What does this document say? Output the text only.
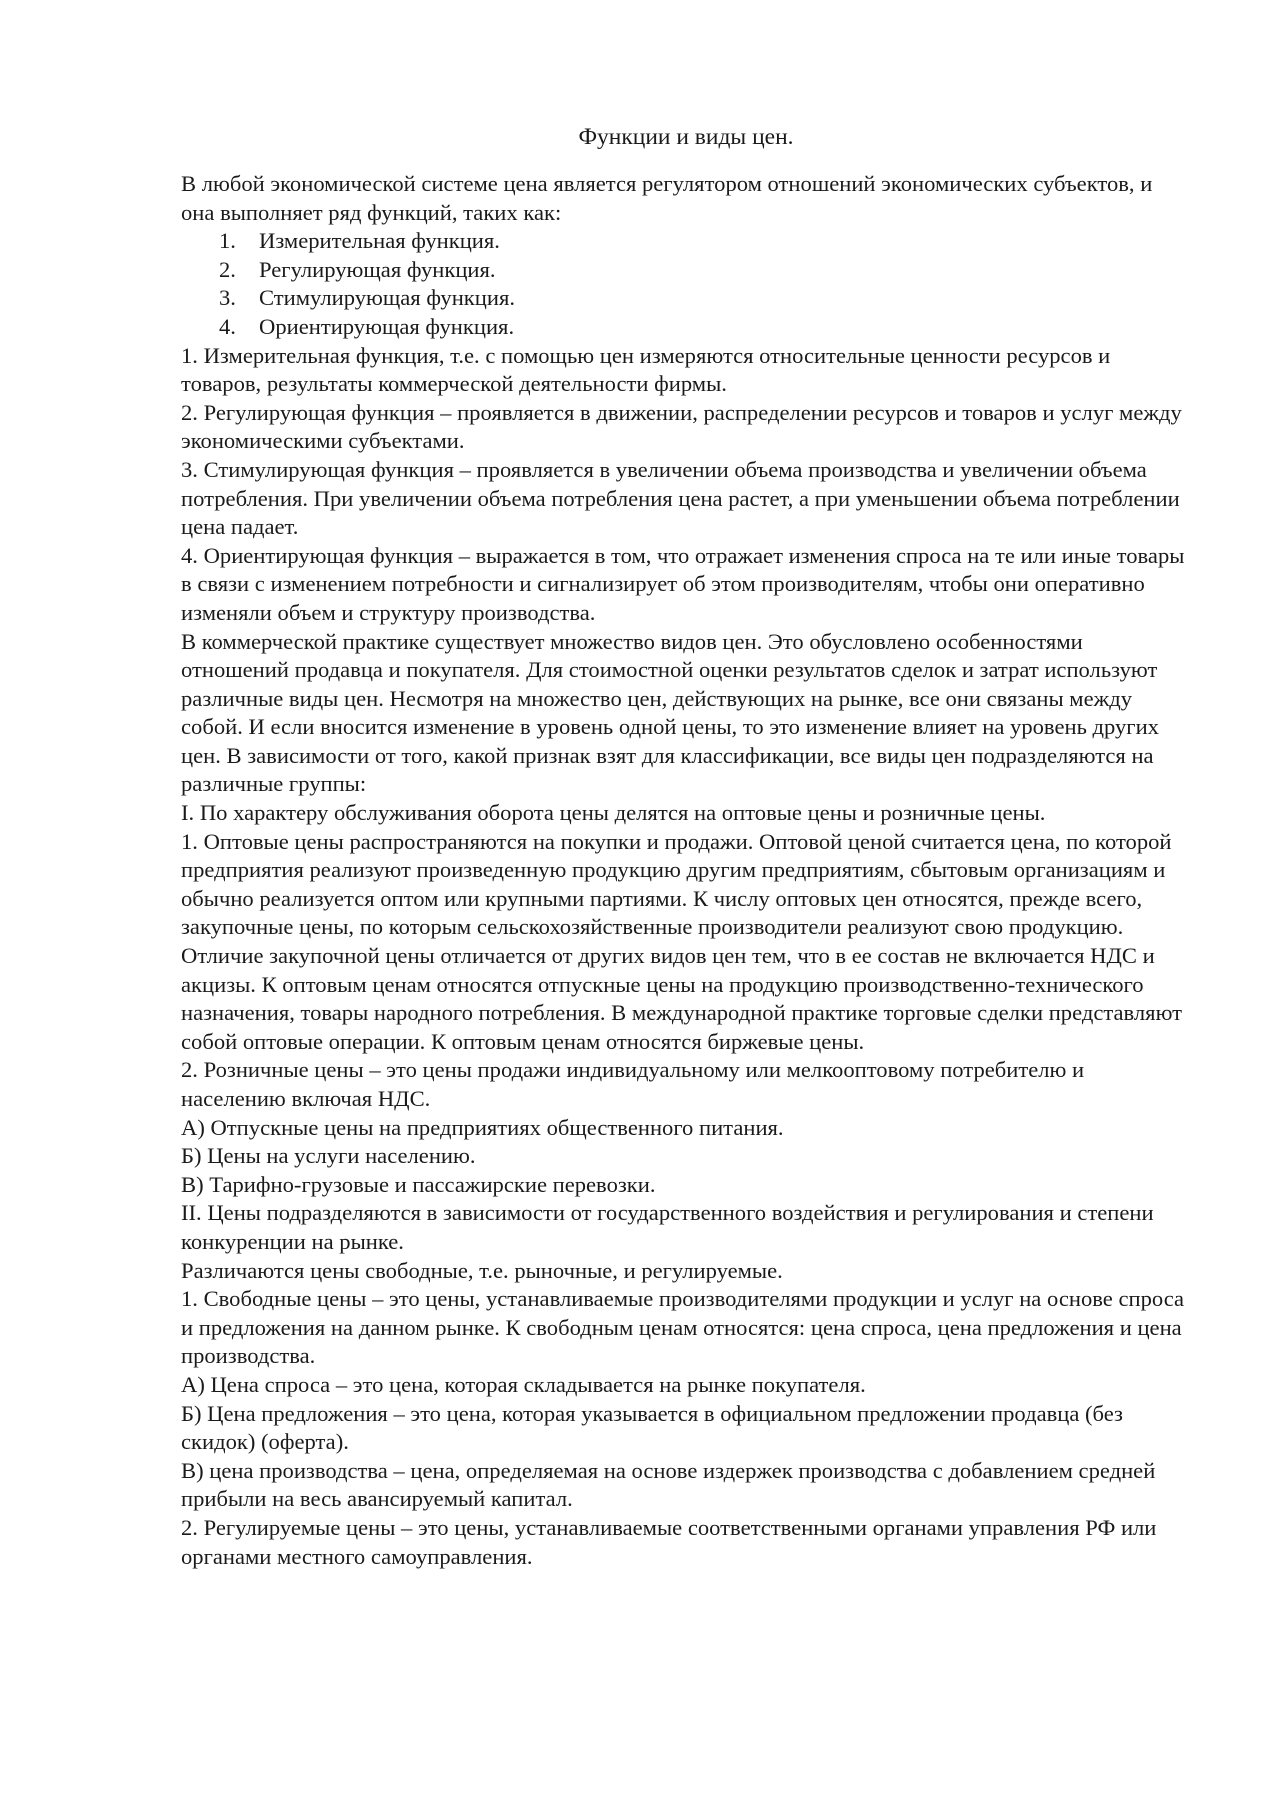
Функции и виды цен.

В любой экономической системе цена является регулятором отношений экономических субъектов, и она выполняет ряд функций, таких как:

1. Измерительная функция.
2. Регулирующая функция.
3. Стимулирующая функция.
4. Ориентирующая функция.

1. Измерительная функция, т.е. с помощью цен измеряются относительные ценности ресурсов и товаров, результаты коммерческой деятельности фирмы.

2. Регулирующая функция – проявляется в движении, распределении ресурсов и товаров и услуг между экономическими субъектами.

3. Стимулирующая функция – проявляется в увеличении объема производства и увеличении объема потребления. При увеличении объема потребления цена растет, а при уменьшении объема потреблении цена падает.

4. Ориентирующая функция – выражается в том, что отражает изменения спроса на те или иные товары в связи с изменением потребности и сигнализирует об этом производителям, чтобы они оперативно изменяли объем и структуру производства.

В коммерческой практике существует множество видов цен. Это обусловлено особенностями отношений продавца и покупателя. Для стоимостной оценки результатов сделок и затрат используют различные виды цен. Несмотря на множество цен, действующих на рынке, все они связаны между собой. И если вносится изменение в уровень одной цены, то это изменение влияет на уровень других цен. В зависимости от того, какой признак взят для классификации, все виды цен подразделяются на различные группы:

I. По характеру обслуживания оборота цены делятся на оптовые цены и розничные цены.

1. Оптовые цены распространяются на покупки и продажи. Оптовой ценой считается цена, по которой предприятия реализуют произведенную продукцию другим предприятиям, сбытовым организациям и обычно реализуется оптом или крупными партиями. К числу оптовых цен относятся, прежде всего, закупочные цены, по которым сельскохозяйственные производители реализуют свою продукцию. Отличие закупочной цены отличается от других видов цен тем, что в ее состав не включается НДС и акцизы. К оптовым ценам относятся отпускные цены на продукцию производственно-технического назначения, товары народного потребления. В международной практике торговые сделки представляют собой оптовые операции. К оптовым ценам относятся биржевые цены.

2. Розничные цены – это цены продажи индивидуальному или мелкооптовому потребителю и населению включая НДС.

А) Отпускные цены на предприятиях общественного питания.

Б) Цены на услуги населению.

В) Тарифно-грузовые и пассажирские перевозки.

II. Цены подразделяются в зависимости от государственного воздействия и регулирования и степени конкуренции на рынке.

Различаются цены свободные, т.е. рыночные, и регулируемые.

1. Свободные цены – это цены, устанавливаемые производителями продукции и услуг на основе спроса и предложения на данном рынке. К свободным ценам относятся: цена спроса, цена предложения и цена производства.

А) Цена спроса – это цена, которая складывается на рынке покупателя.

Б) Цена предложения – это цена, которая указывается в официальном предложении продавца (без скидок) (оферта).

В) цена производства – цена, определяемая на основе издержек производства с добавлением средней прибыли на весь авансируемый капитал.

2. Регулируемые цены – это цены, устанавливаемые соответственными органами управления РФ или органами местного самоуправления.
